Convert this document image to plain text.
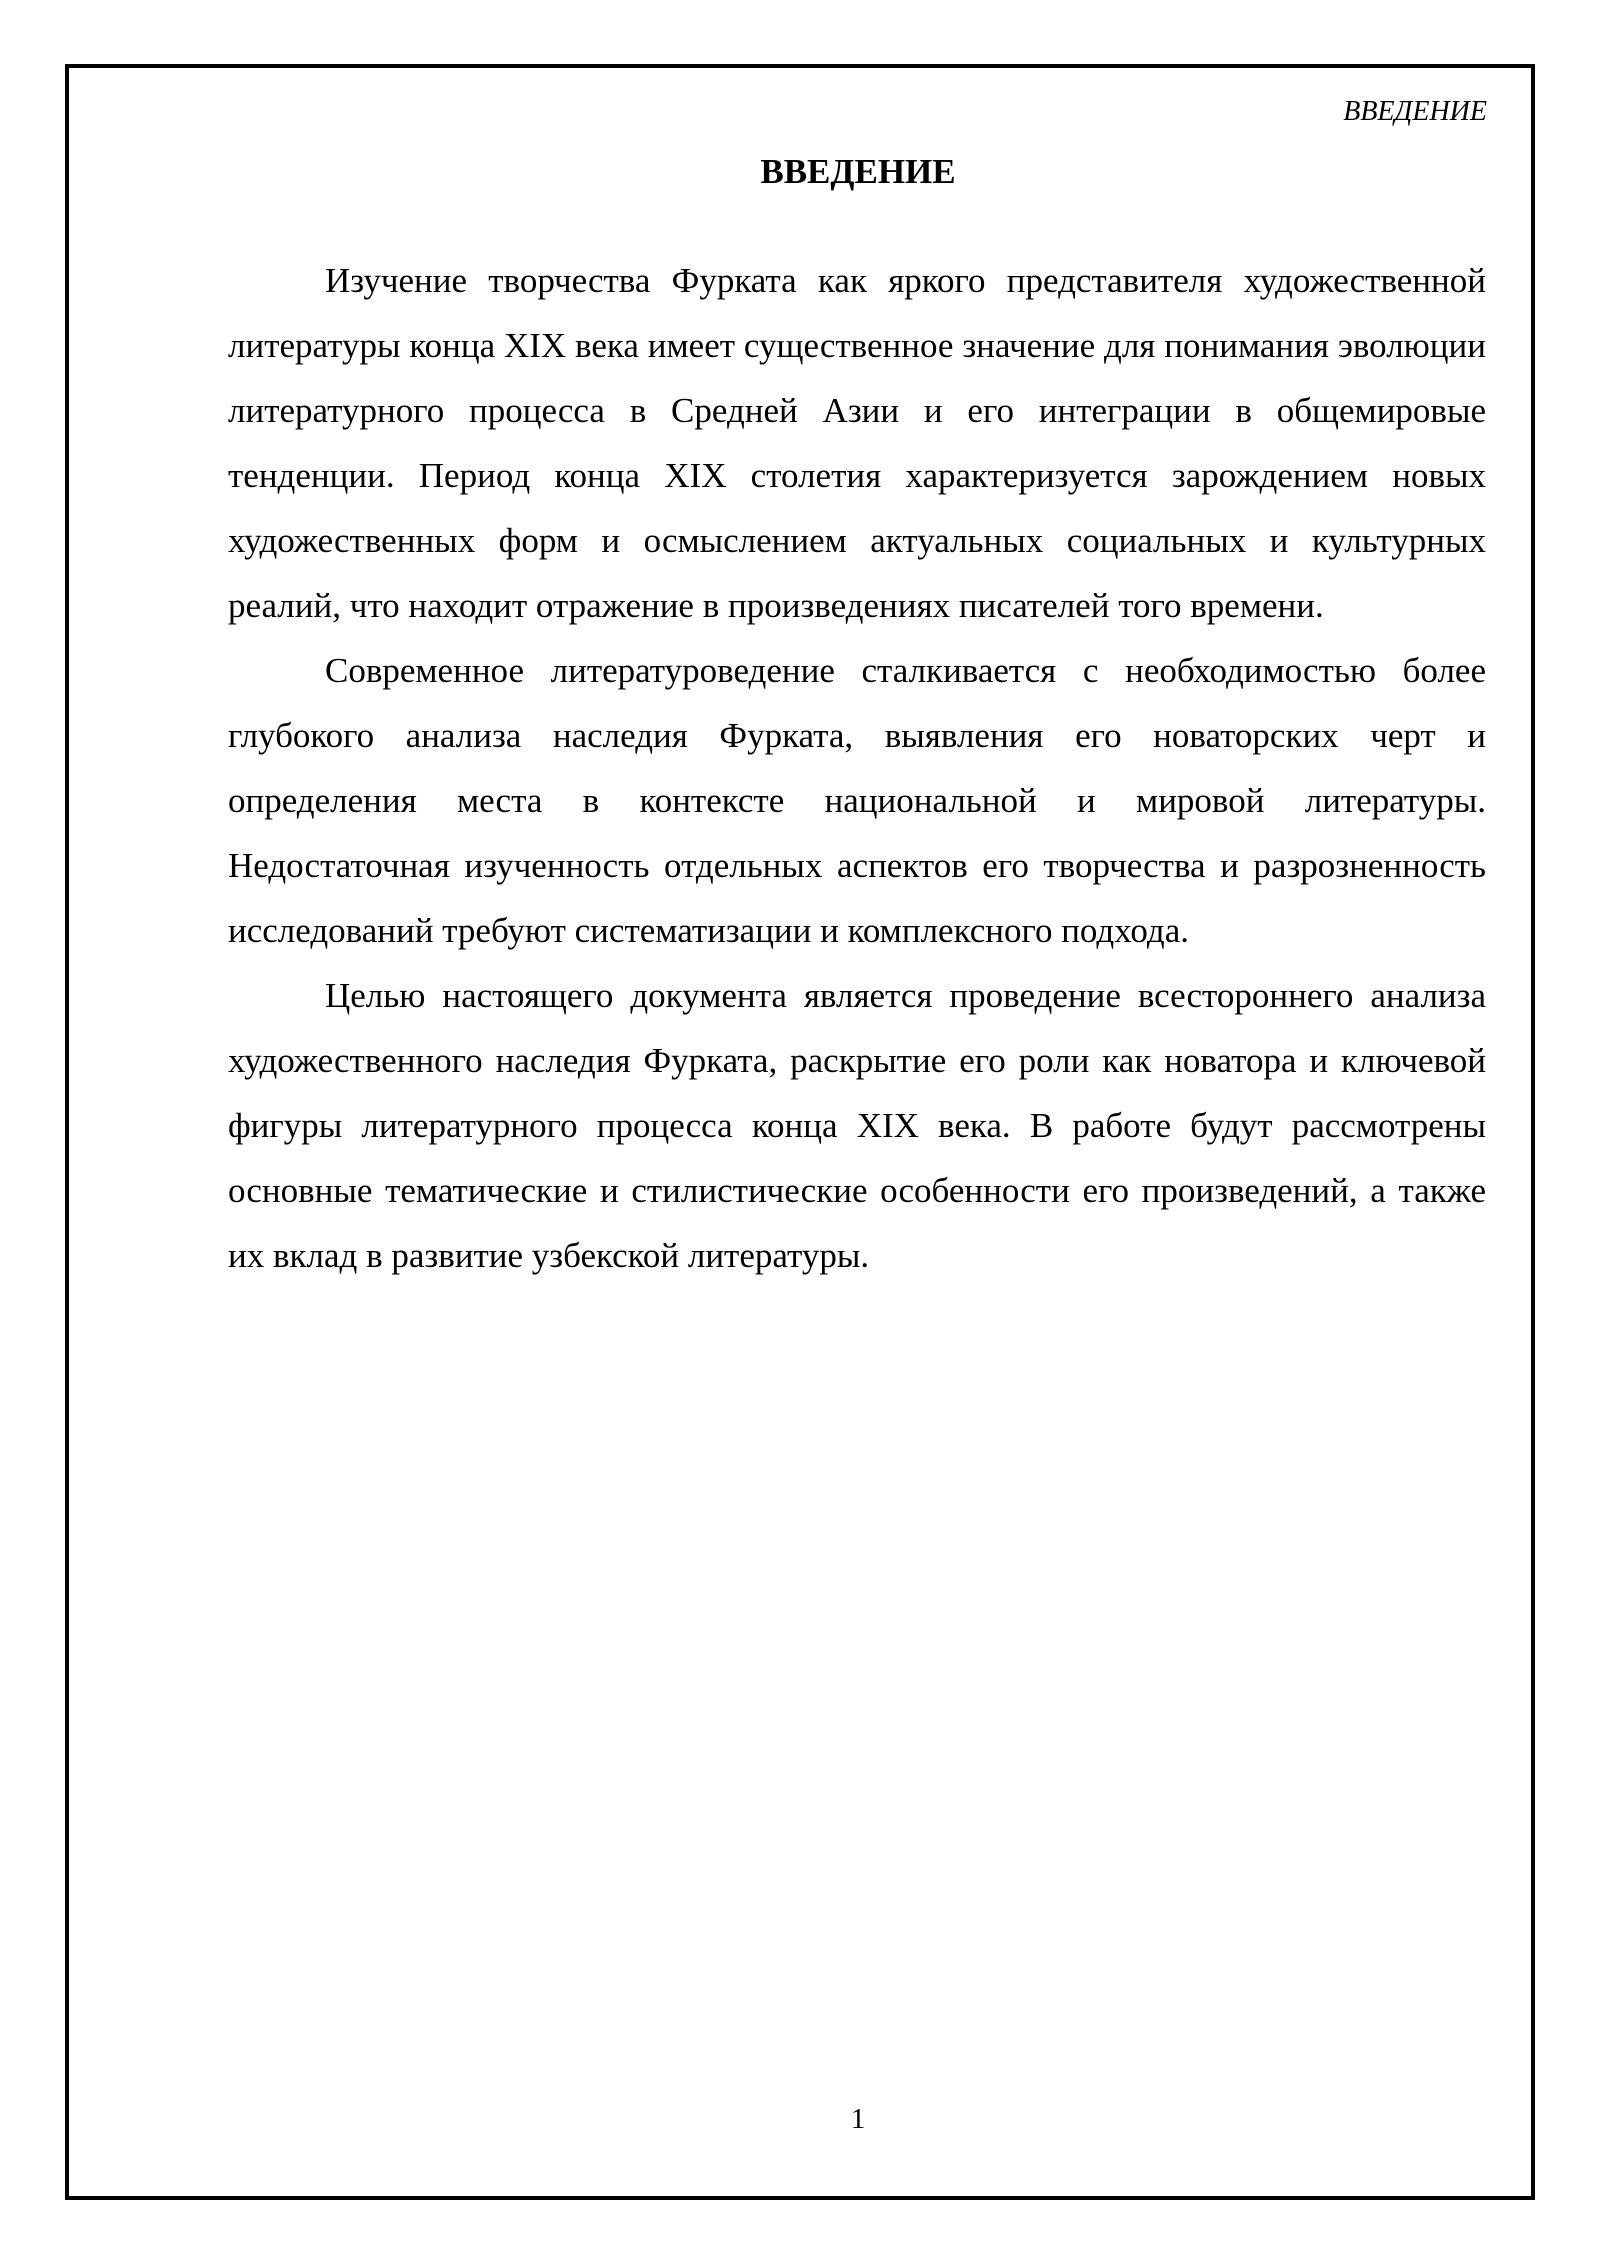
ВВЕДЕНИЕ
ВВЕДЕНИЕ

Изучение творчества Фурката как яркого представителя художественной литературы конца XIX века имеет существенное значение для понимания эволюции литературного процесса в Средней Азии и его интеграции в общемировые тенденции. Период конца XIX столетия характеризуется зарождением новых художественных форм и осмыслением актуальных социальных и культурных реалий, что находит отражение в произведениях писателей того времени.

Современное литературоведение сталкивается с необходимостью более глубокого анализа наследия Фурката, выявления его новаторских черт и определения места в контексте национальной и мировой литературы. Недостаточная изученность отдельных аспектов его творчества и разрозненность исследований требуют систематизации и комплексного подхода.

Целью настоящего документа является проведение всестороннего анализа художественного наследия Фурката, раскрытие его роли как новатора и ключевой фигуры литературного процесса конца XIX века. В работе будут рассмотрены основные тематические и стилистические особенности его произведений, а также их вклад в развитие узбекской литературы.

1
